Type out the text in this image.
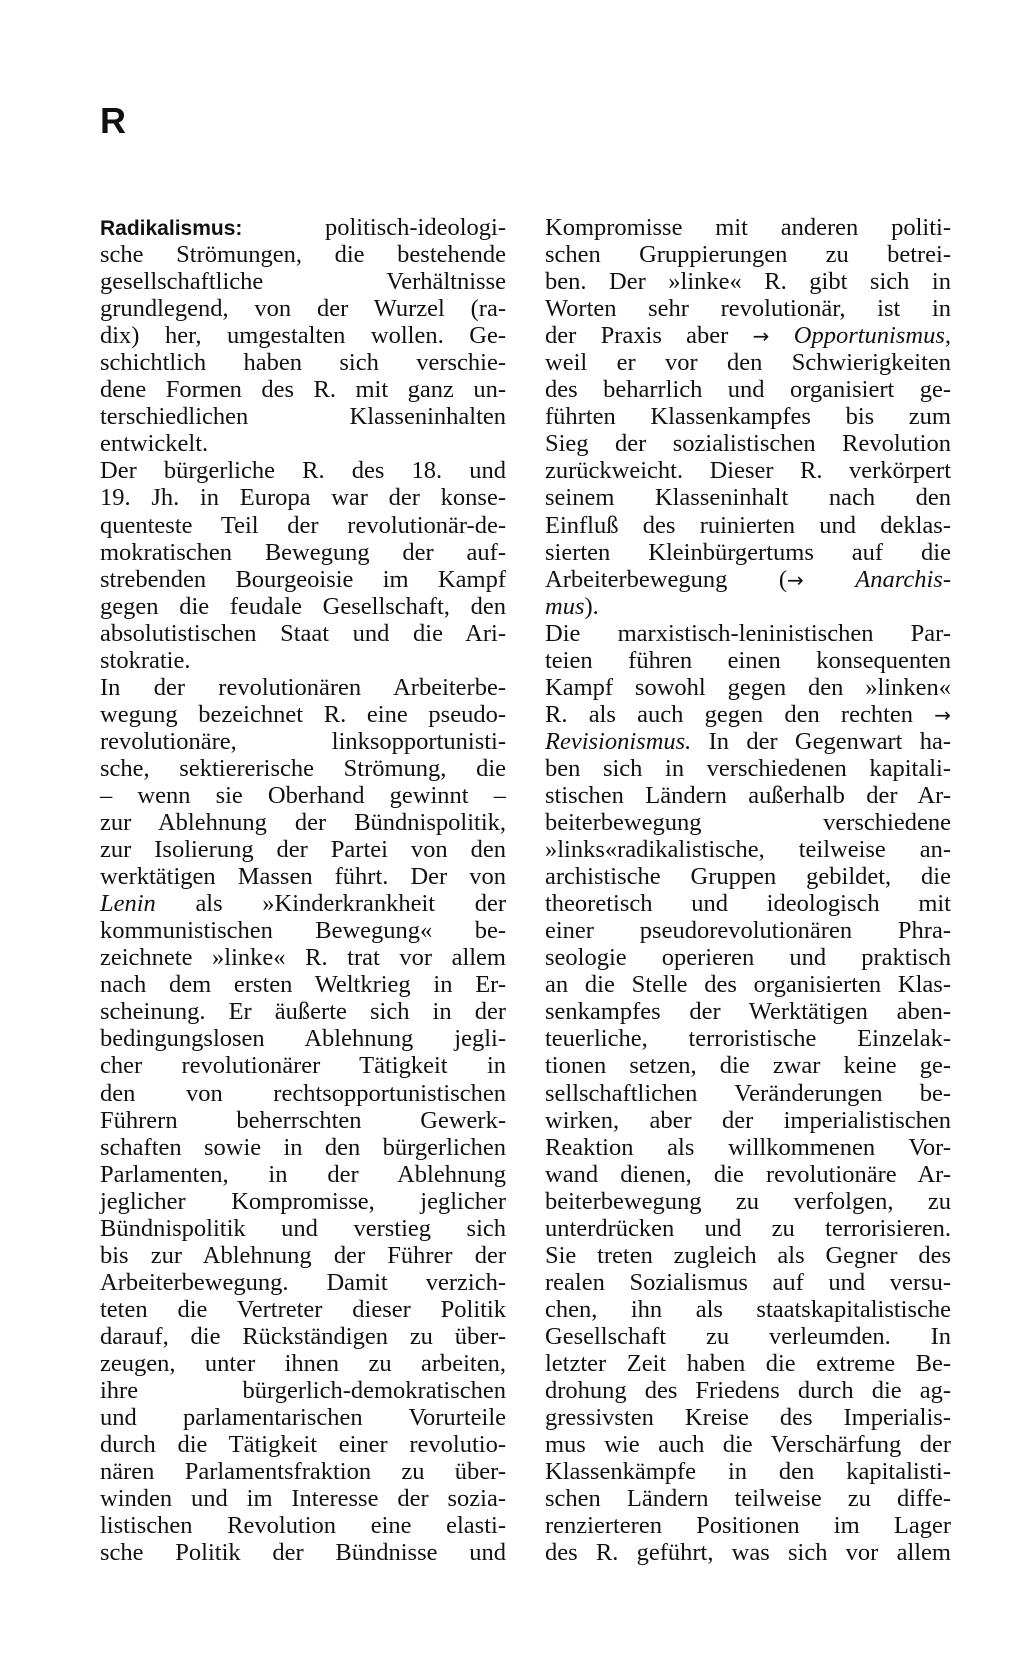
R
Radikalismus:	politisch-ideologi-
sche Strömungen, die bestehende
gesellschaftliche Verhältnisse
grundlegend, von der Wurzel (ra-
dix) her, umgestalten wollen. Ge-
schichtlich haben sich verschie-
dene Formen des R. mit ganz un-
terschiedlichen Klasseninhalten
entwickelt.
Der bürgerliche R. des 18. und
19. Jh. in Europa war der konse-
quenteste Teil der revolutionär-de-
mokratischen Bewegung der auf-
strebenden Bourgeoisie im Kampf
gegen die feudale Gesellschaft, den
absolutistischen Staat und die Ari-
stokratie.
In der revolutionären Arbeiterbe-
wegung bezeichnet R. eine pseudo-
revolutionäre, linksopportunisti-
sche, sektiererische Strömung, die
– wenn sie Oberhand gewinnt –
zur Ablehnung der Bündnispolitik,
zur Isolierung der Partei von den
werktätigen Massen führt. Der von
Lenin als »Kinderkrankheit der
kommunistischen Bewegung« be-
zeichnete »linke« R. trat vor allem
nach dem ersten Weltkrieg in Er-
scheinung. Er äußerte sich in der
bedingungslosen Ablehnung jegli-
cher revolutionärer Tätigkeit in
den von rechtsopportunistischen
Führern beherrschten Gewerk-
schaften sowie in den bürgerlichen
Parlamenten, in der Ablehnung
jeglicher Kompromisse, jeglicher
Bündnispolitik und verstieg sich
bis zur Ablehnung der Führer der
Arbeiterbewegung. Damit verzich-
teten die Vertreter dieser Politik
darauf, die Rückständigen zu über-
zeugen, unter ihnen zu arbeiten,
ihre bürgerlich-demokratischen
und parlamentarischen Vorurteile
durch die Tätigkeit einer revolutio-
nären Parlamentsfraktion zu über-
winden und im Interesse der sozia-
listischen Revolution eine elasti-
sche Politik der Bündnisse und
Kompromisse mit anderen politi-
schen Gruppierungen zu betrei-
ben. Der »linke« R. gibt sich in
Worten sehr revolutionär, ist in
der Praxis aber → Opportunismus,
weil er vor den Schwierigkeiten
des beharrlich und organisiert ge-
führten Klassenkampfes bis zum
Sieg der sozialistischen Revolution
zurückweicht. Dieser R. verkörpert
seinem Klasseninhalt nach den
Einfluß des ruinierten und deklas-
sierten Kleinbürgertums auf die
Arbeiterbewegung (→ Anarchis-
mus).
Die marxistisch-leninistischen Par-
teien führen einen konsequenten
Kampf sowohl gegen den »linken«
R. als auch gegen den rechten →
Revisionismus. In der Gegenwart ha-
ben sich in verschiedenen kapitali-
stischen Ländern außerhalb der Ar-
beiterbewegung verschiedene
»links«radikalistische, teilweise an-
archistische Gruppen gebildet, die
theoretisch und ideologisch mit
einer pseudorevolutionären Phra-
seologie operieren und praktisch
an die Stelle des organisierten Klas-
senkampfes der Werktätigen aben-
teuerliche, terroristische Einzelak-
tionen setzen, die zwar keine ge-
sellschaftlichen Veränderungen be-
wirken, aber der imperialistischen
Reaktion als willkommenen Vor-
wand dienen, die revolutionäre Ar-
beiterbewegung zu verfolgen, zu
unterdrücken und zu terrorisieren.
Sie treten zugleich als Gegner des
realen Sozialismus auf und versu-
chen, ihn als staatskapitalistische
Gesellschaft zu verleumden. In
letzter Zeit haben die extreme Be-
drohung des Friedens durch die ag-
gressivsten Kreise des Imperialis-
mus wie auch die Verschärfung der
Klassenkämpfe in den kapitalisti-
schen Ländern teilweise zu diffe-
renzierteren Positionen im Lager
des R. geführt, was sich vor allem
